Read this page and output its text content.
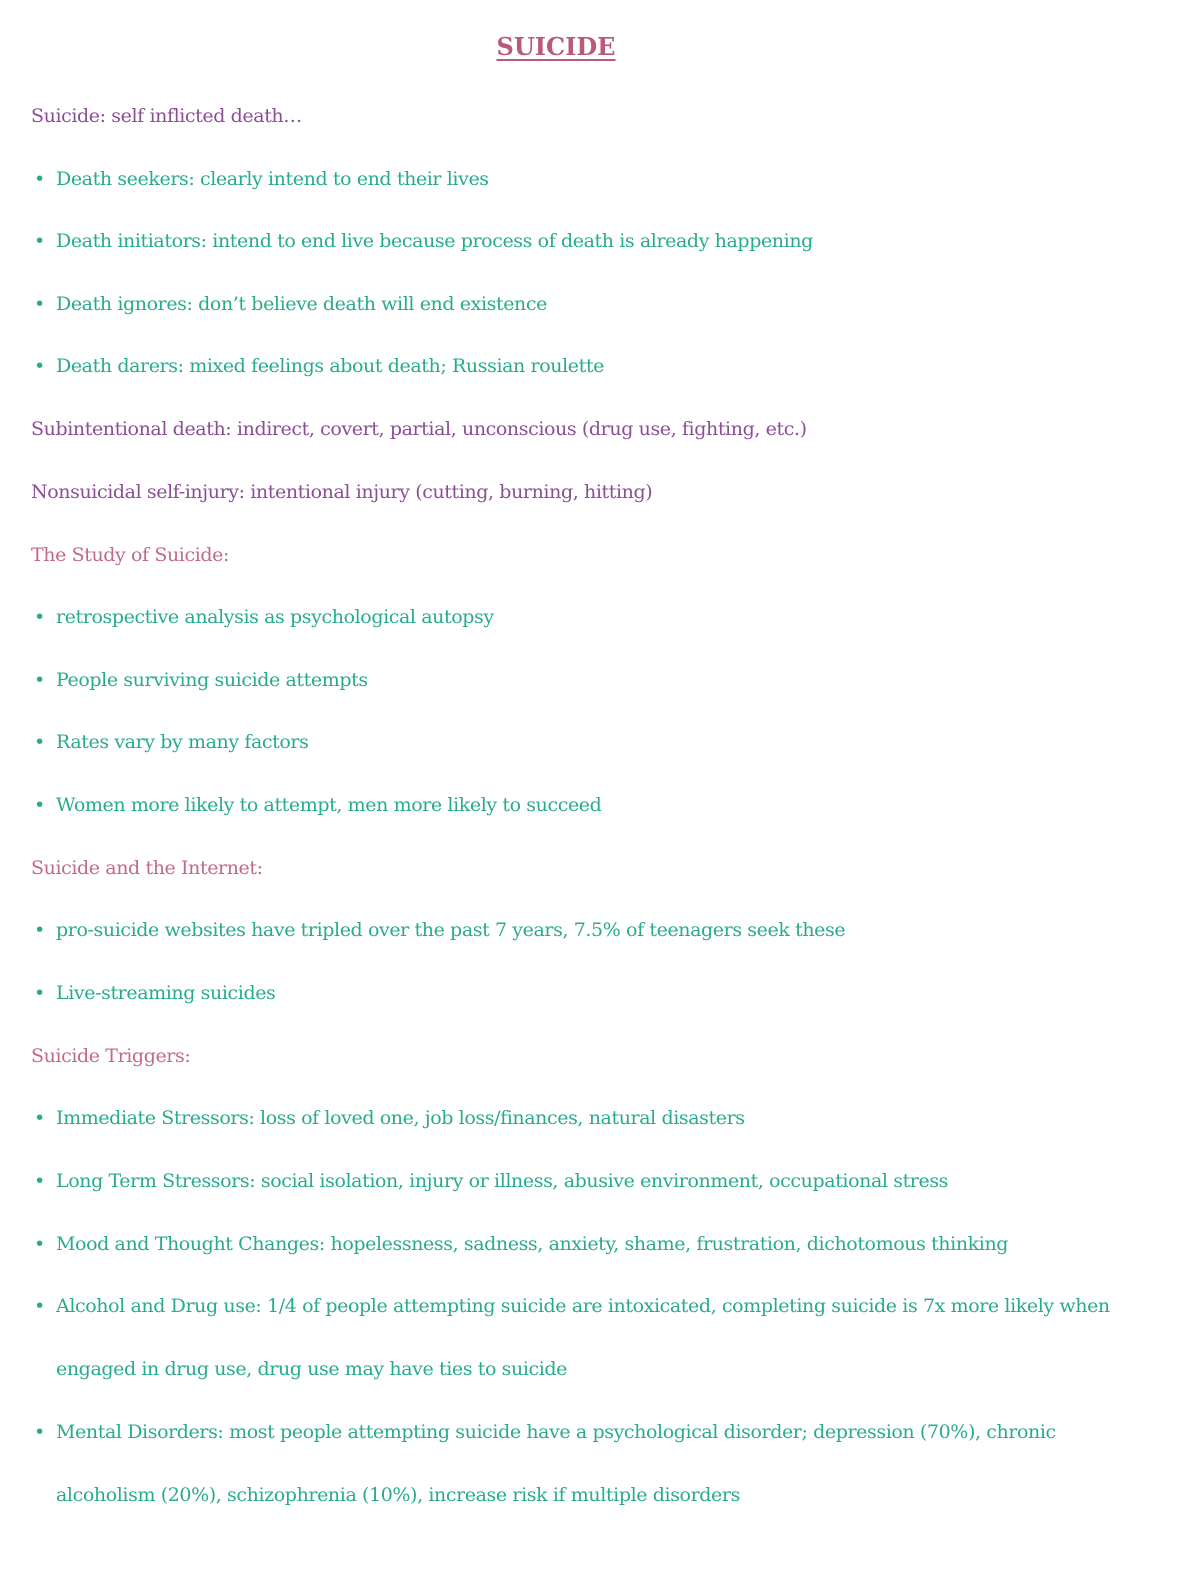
SUICIDE
Suicide: self inflicted death…
• Death seekers: clearly intend to end their lives
• Death initiators: intend to end live because process of death is already happening
• Death ignores: don’t believe death will end existence
• Death darers: mixed feelings about death; Russian roulette
Subintentional death: indirect, covert, partial, unconscious (drug use, fighting, etc.)
Nonsuicidal self-injury: intentional injury (cutting, burning, hitting)
The Study of Suicide:
• retrospective analysis as psychological autopsy
• People surviving suicide attempts
• Rates vary by many factors
• Women more likely to attempt, men more likely to succeed
Suicide and the Internet:
• pro-suicide websites have tripled over the past 7 years, 7.5% of teenagers seek these
• Live-streaming suicides
Suicide Triggers:
• Immediate Stressors: loss of loved one, job loss/finances, natural disasters
• Long Term Stressors: social isolation, injury or illness, abusive environment, occupational stress
• Mood and Thought Changes: hopelessness, sadness, anxiety, shame, frustration, dichotomous thinking
• Alcohol and Drug use: 1/4 of people attempting suicide are intoxicated, completing suicide is 7x more likely when
engaged in drug use, drug use may have ties to suicide
• Mental Disorders: most people attempting suicide have a psychological disorder; depression (70%), chronic
alcoholism (20%), schizophrenia (10%), increase risk if multiple disorders
